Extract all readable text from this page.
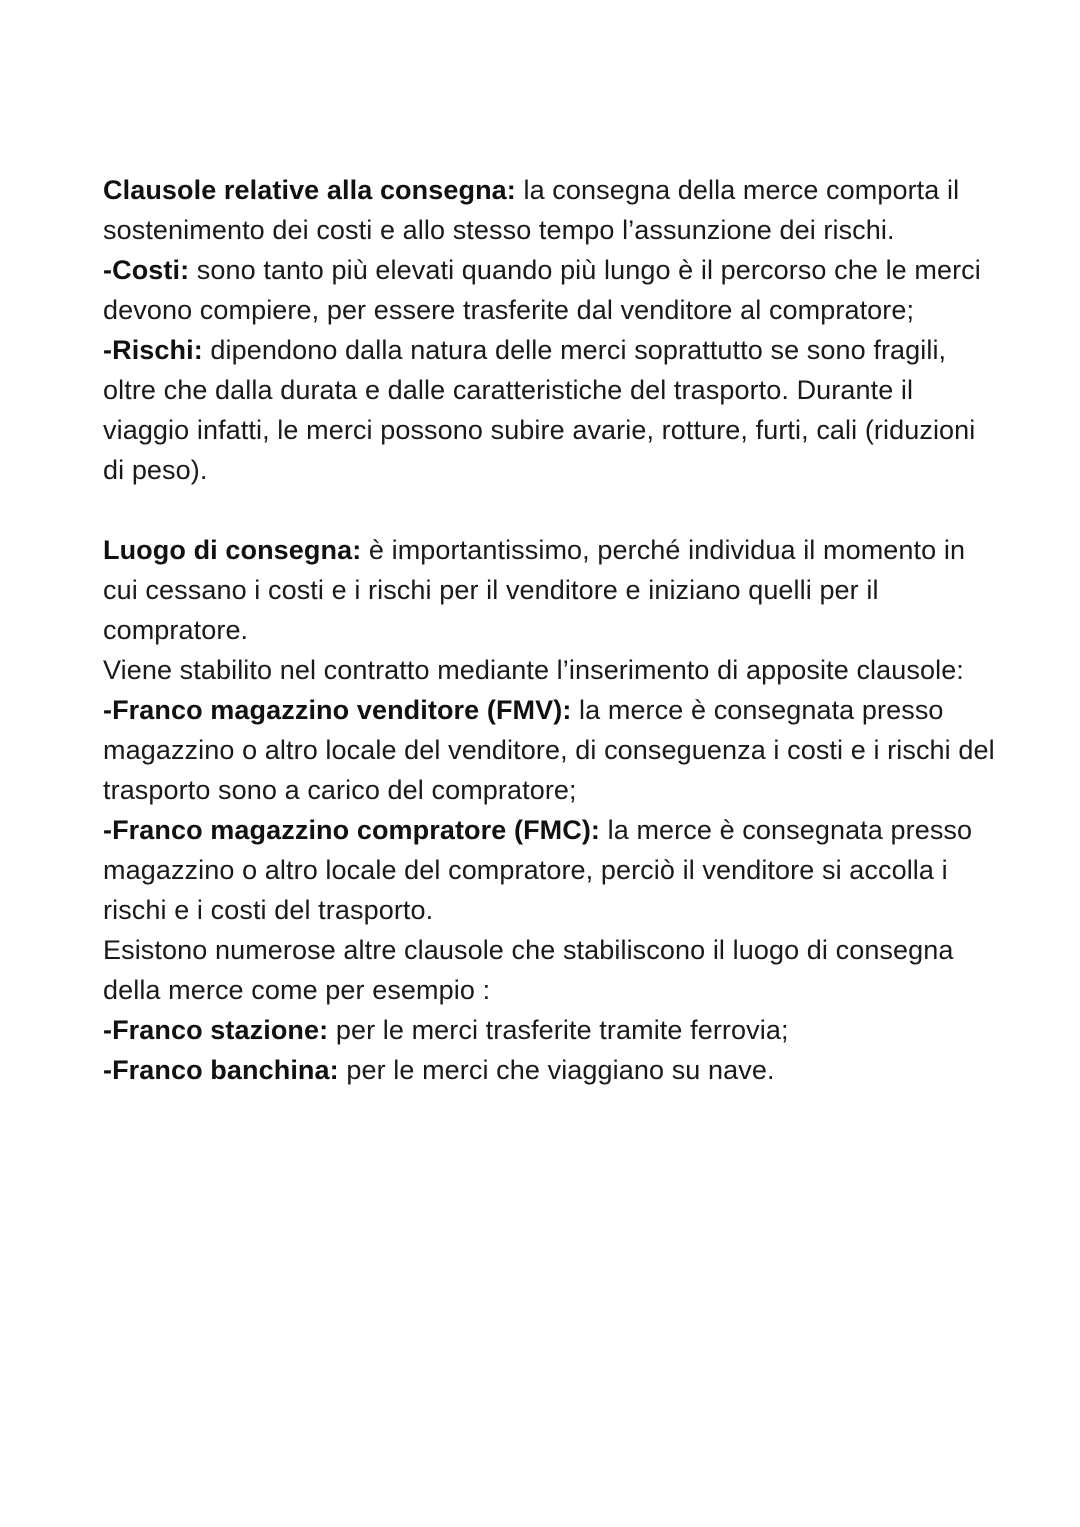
Clausole relative alla consegna: la consegna della merce comporta il sostenimento dei costi e allo stesso tempo l’assunzione dei rischi.

-Costi: sono tanto più elevati quando più lungo è il percorso che le merci devono compiere, per essere trasferite dal venditore al compratore;

-Rischi: dipendono dalla natura delle merci soprattutto se sono fragili, oltre che dalla durata e dalle caratteristiche del trasporto. Durante il viaggio infatti, le merci possono subire avarie, rotture, furti, cali (riduzioni di peso).

Luogo di consegna: è importantissimo, perché individua il momento in cui cessano i costi e i rischi per il venditore e iniziano quelli per il compratore.

Viene stabilito nel contratto mediante l’inserimento di apposite clausole:

-Franco magazzino venditore (FMV): la merce è consegnata presso magazzino o altro locale del venditore, di conseguenza i costi e i rischi del trasporto sono a carico del compratore;

-Franco magazzino compratore (FMC): la merce è consegnata presso magazzino o altro locale del compratore, perciò il venditore si accolla i rischi e i costi del trasporto.

Esistono numerose altre clausole che stabiliscono il luogo di consegna della merce come per esempio :

-Franco stazione: per le merci trasferite tramite ferrovia;

-Franco banchina: per le merci che viaggiano su nave.
